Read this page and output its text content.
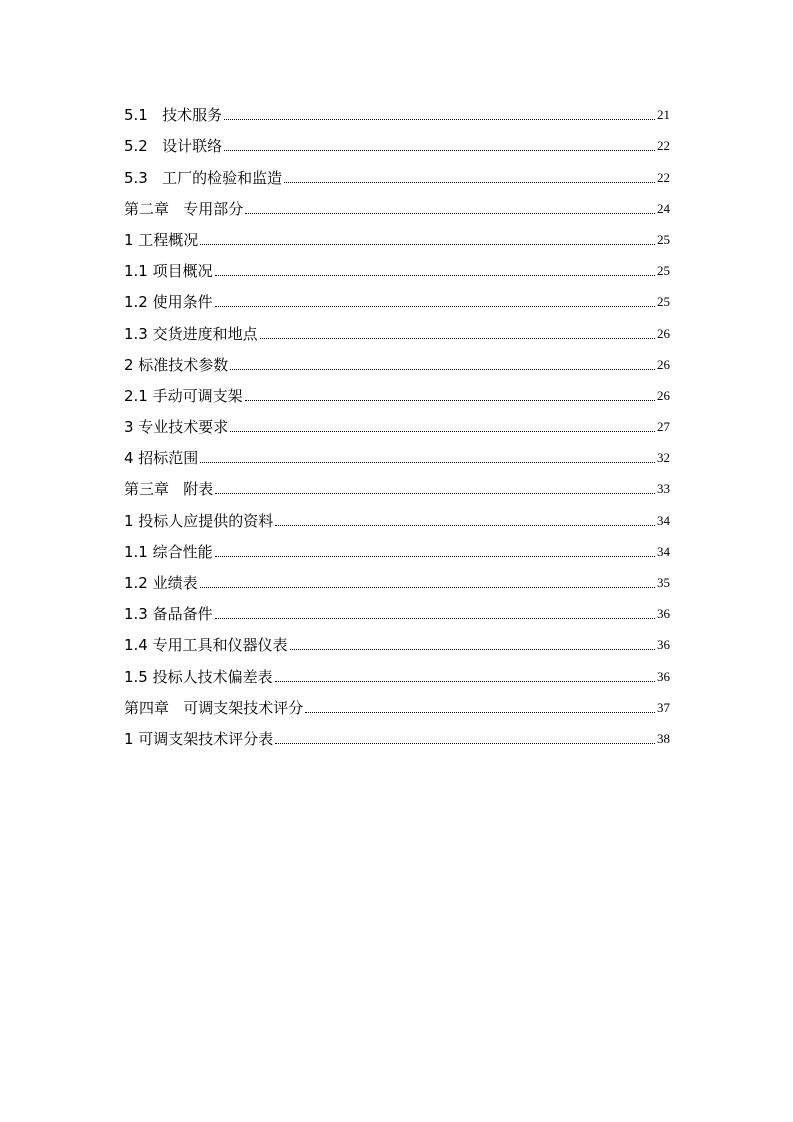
5.1   技术服务	21
5.2   设计联络	22
5.3   工厂的检验和监造	22
第二章   专用部分	24
1 工程概况	25
1.1 项目概况	25
1.2 使用条件	25
1.3 交货进度和地点	26
2 标准技术参数	26
2.1 手动可调支架	26
3 专业技术要求	27
4 招标范围	32
第三章   附表	33
1 投标人应提供的资料	34
1.1 综合性能	34
1.2 业绩表	35
1.3 备品备件	36
1.4 专用工具和仪器仪表	36
1.5 投标人技术偏差表	36
第四章   可调支架技术评分	37
1 可调支架技术评分表	38
